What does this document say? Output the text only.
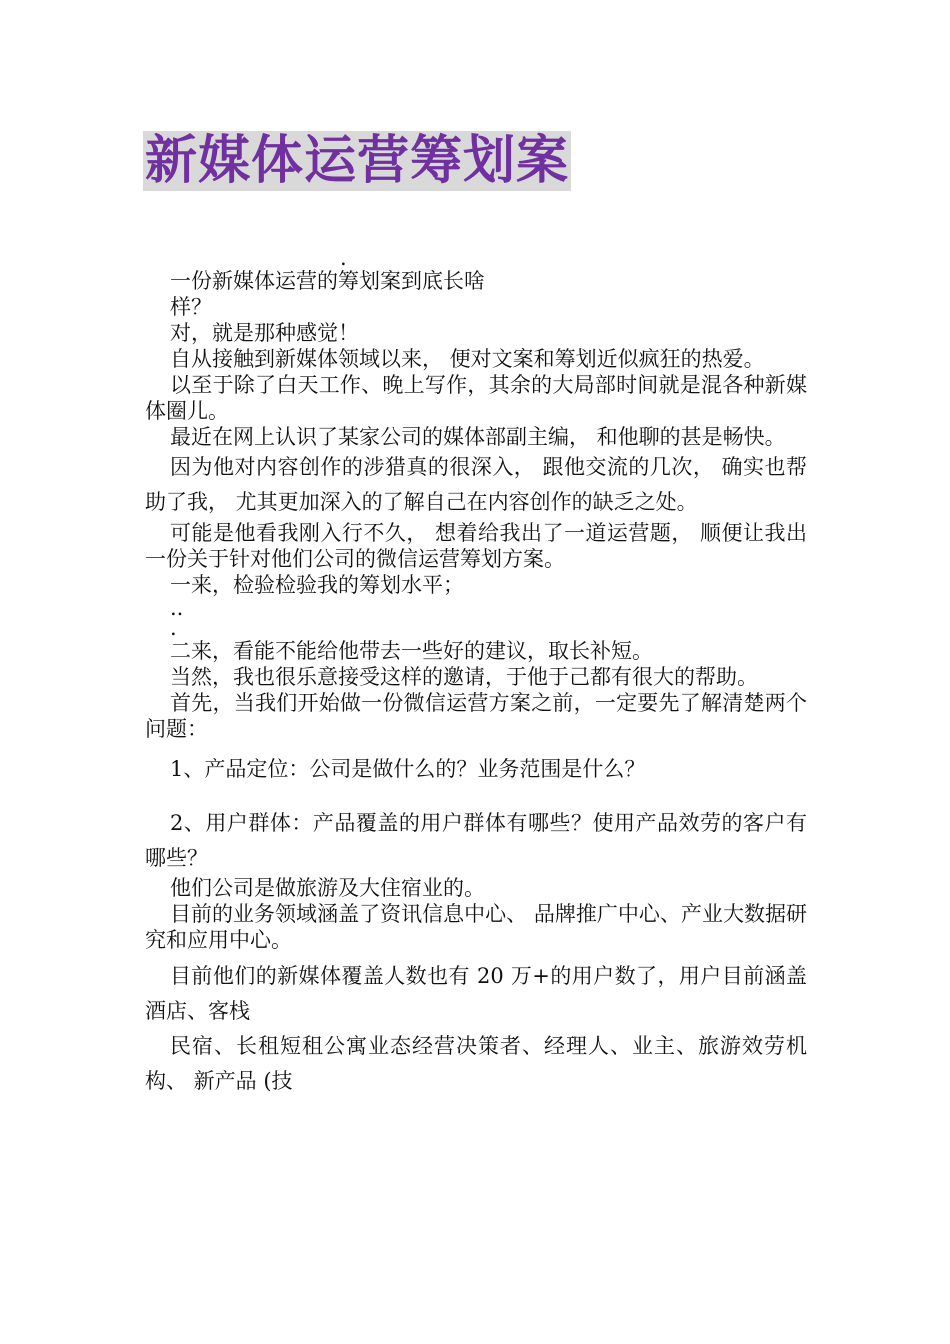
新媒体运营筹划案

.

一份新媒体运营的筹划案到底长啥

样？

对，就是那种感觉！

自从接触到新媒体领域以来， 便对文案和筹划近似疯狂的热爱。

以至于除了白天工作、晚上写作，其余的大局部时间就是混各种新媒体圈儿。

最近在网上认识了某家公司的媒体部副主编， 和他聊的甚是畅快。

因为他对内容创作的涉猎真的很深入， 跟他交流的几次， 确实也帮助了我， 尤其更加深入的了解自己在内容创作的缺乏之处。

可能是他看我刚入行不久， 想着给我出了一道运营题， 顺便让我出一份关于针对他们公司的微信运营筹划方案。

一来，检验检验我的筹划水平；

..

.

二来，看能不能给他带去一些好的建议，取长补短。

当然，我也很乐意接受这样的邀请，于他于己都有很大的帮助。

首先，当我们开始做一份微信运营方案之前，一定要先了解清楚两个问题：

1、产品定位：公司是做什么的？业务范围是什么？

2、用户群体：产品覆盖的用户群体有哪些？使用产品效劳的客户有哪些？

他们公司是做旅游及大住宿业的。

目前的业务领域涵盖了资讯信息中心、 品牌推广中心、产业大数据研究和应用中心。

目前他们的新媒体覆盖人数也有 20 万+的用户数了，用户目前涵盖酒店、客栈

民宿、长租短租公寓业态经营决策者、经理人、业主、旅游效劳机构、 新产品 (技
